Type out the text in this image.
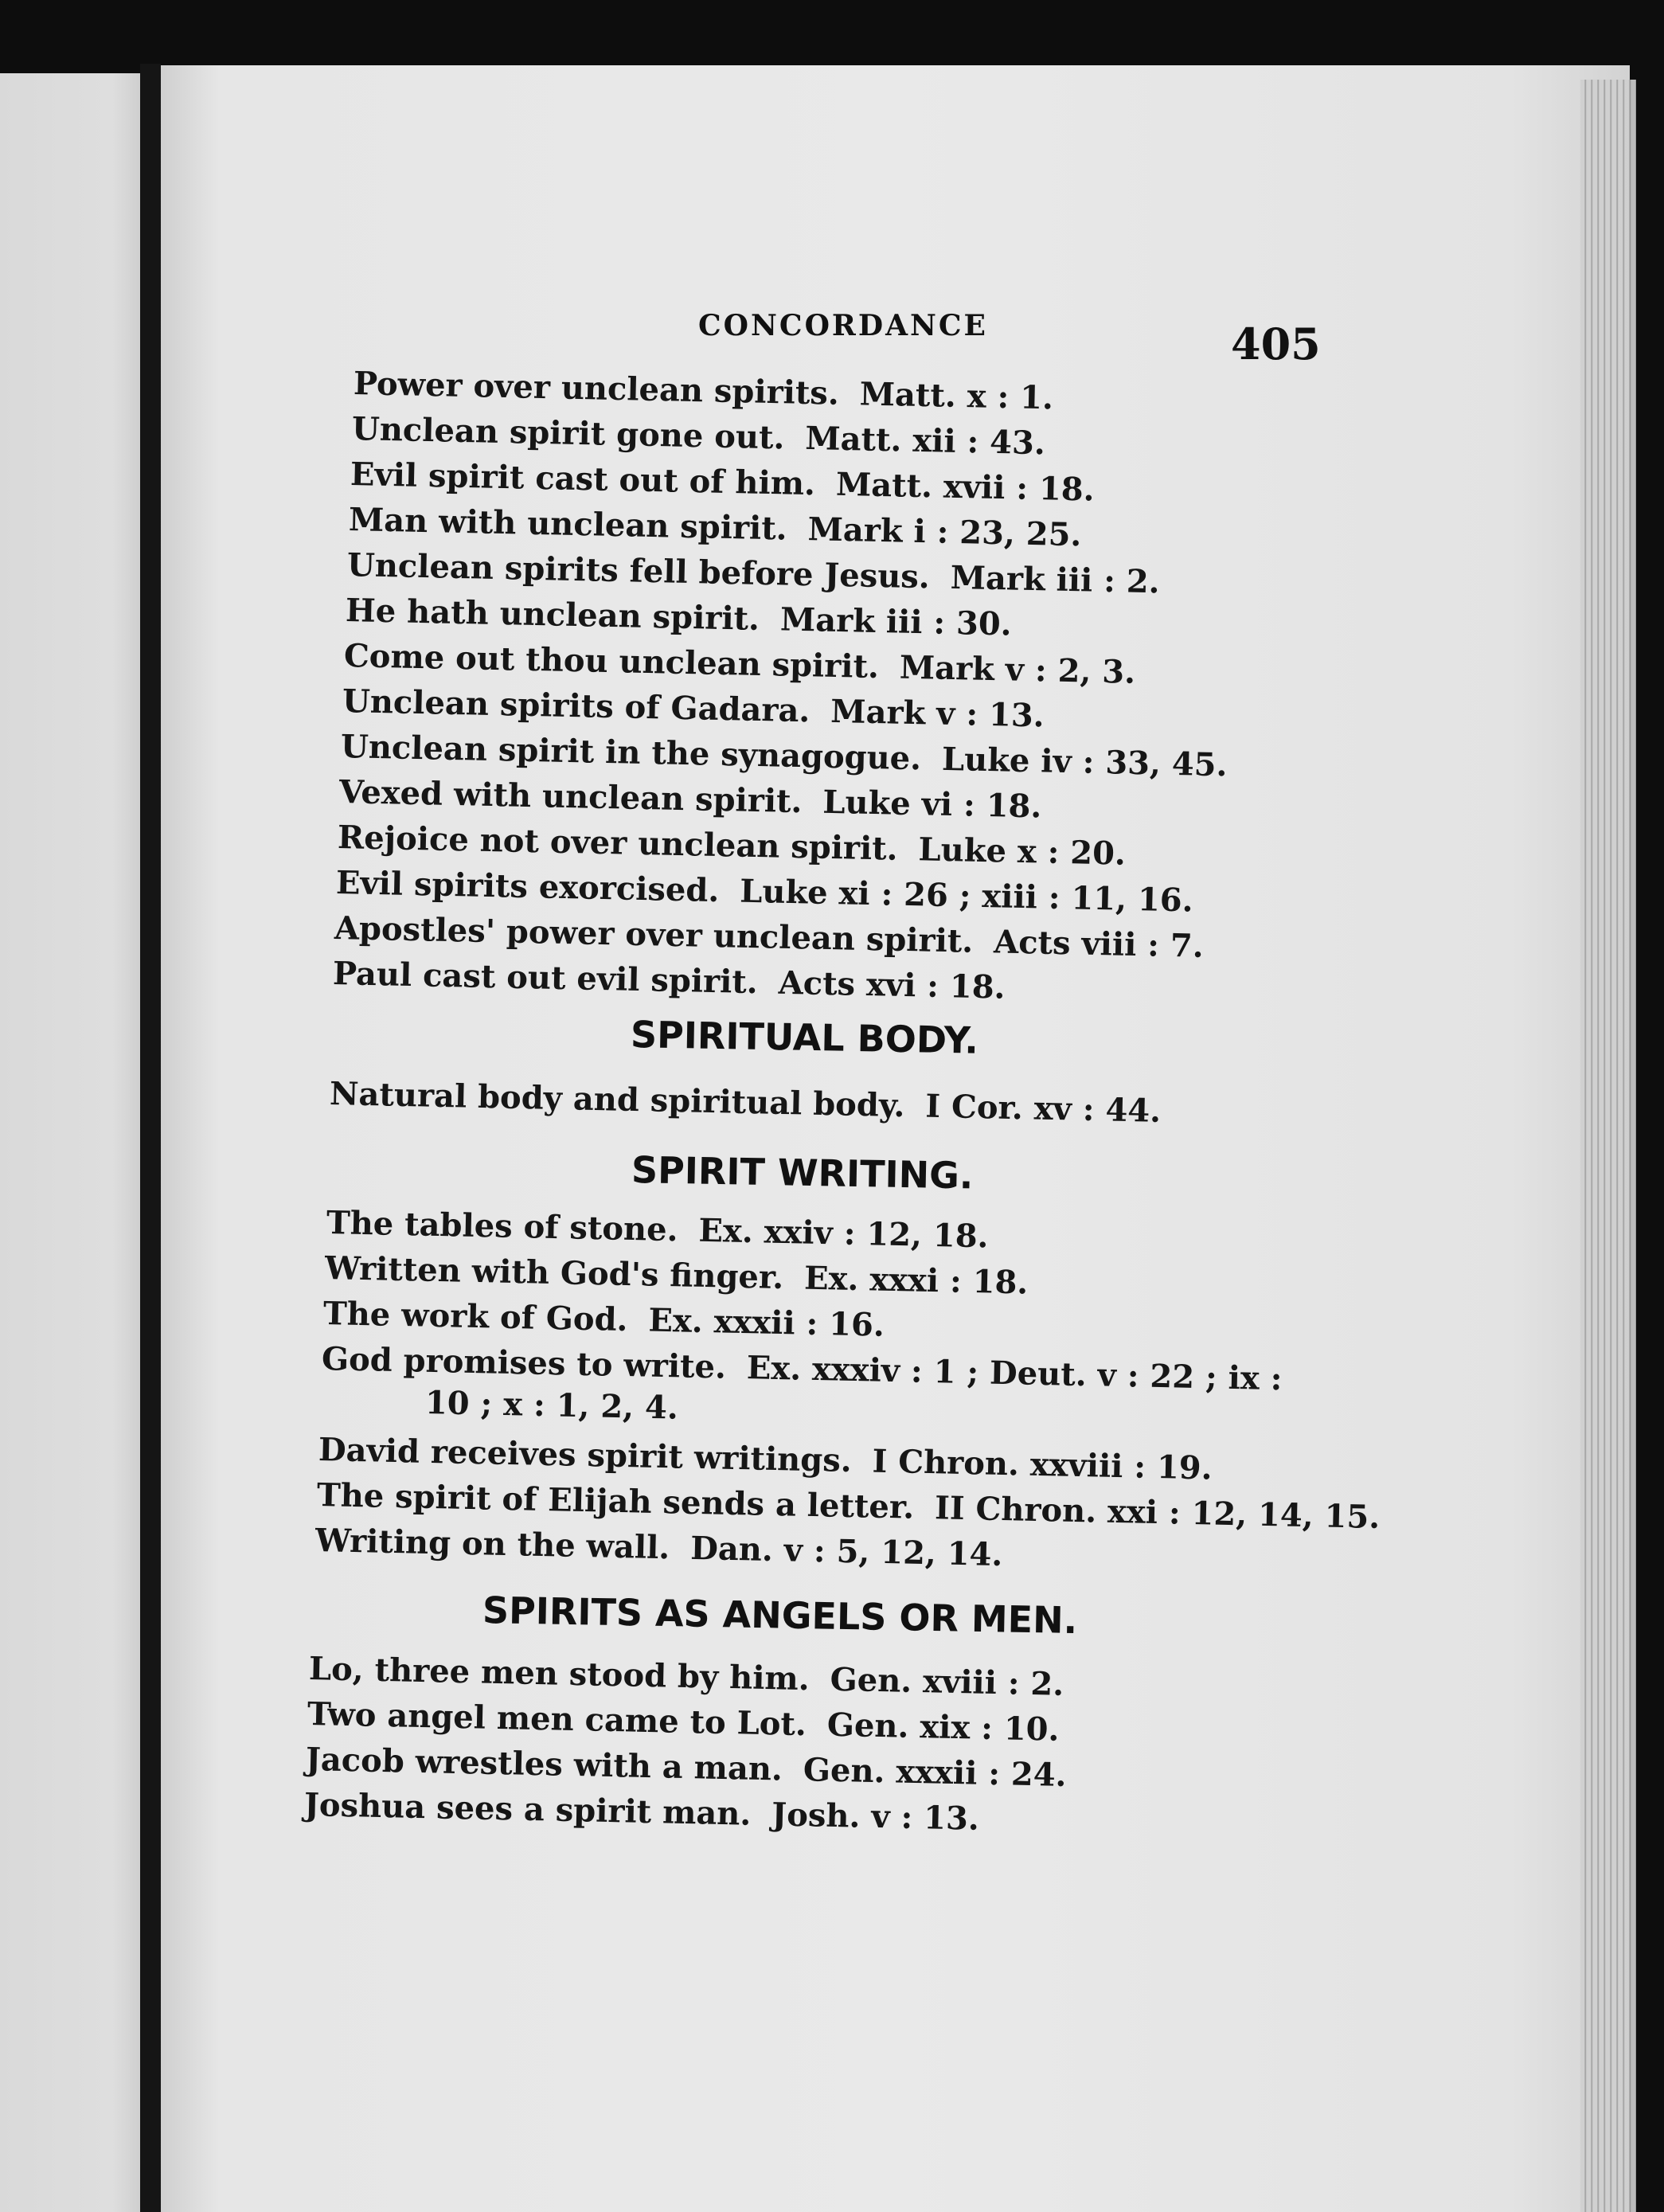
CONCORDANCE	405
Power over unclean spirits. Matt. x : 1.
Unclean spirit gone out. Matt. xii : 43.
Evil spirit cast out of him. Matt. xvii : 18.
Man with unclean spirit. Mark i : 23, 25.
Unclean spirits fell before Jesus. Mark iii : 2.
He hath unclean spirit. Mark iii : 30.
Come out thou unclean spirit. Mark v : 2, 3.
Unclean spirits of Gadara. Mark v : 13.
Unclean spirit in the synagogue. Luke iv : 33, 45.
Vexed with unclean spirit. Luke vi : 18.
Rejoice not over unclean spirit. Luke x : 20.
Evil spirits exorcised. Luke xi : 26 ; xiii : 11, 16.
Apostles' power over unclean spirit. Acts viii : 7.
Paul cast out evil spirit. Acts xvi : 18.
SPIRITUAL BODY.
Natural body and spiritual body. I Cor. xv : 44.
SPIRIT WRITING.
The tables of stone. Ex. xxiv : 12, 18.
Written with God's finger. Ex. xxxi : 18.
The work of God. Ex. xxxii : 16.
God promises to write. Ex. xxxiv : 1 ; Deut. v : 22 ; ix :
10 ; x : 1, 2, 4.
David receives spirit writings. I Chron. xxviii : 19.
The spirit of Elijah sends a letter. II Chron. xxi : 12, 14, 15.
Writing on the wall. Dan. v : 5, 12, 14.
SPIRITS AS ANGELS OR MEN.
Lo, three men stood by him. Gen. xviii : 2.
Two angel men came to Lot. Gen. xix : 10.
Jacob wrestles with a man. Gen. xxxii : 24.
Joshua sees a spirit man. Josh. v : 13.
